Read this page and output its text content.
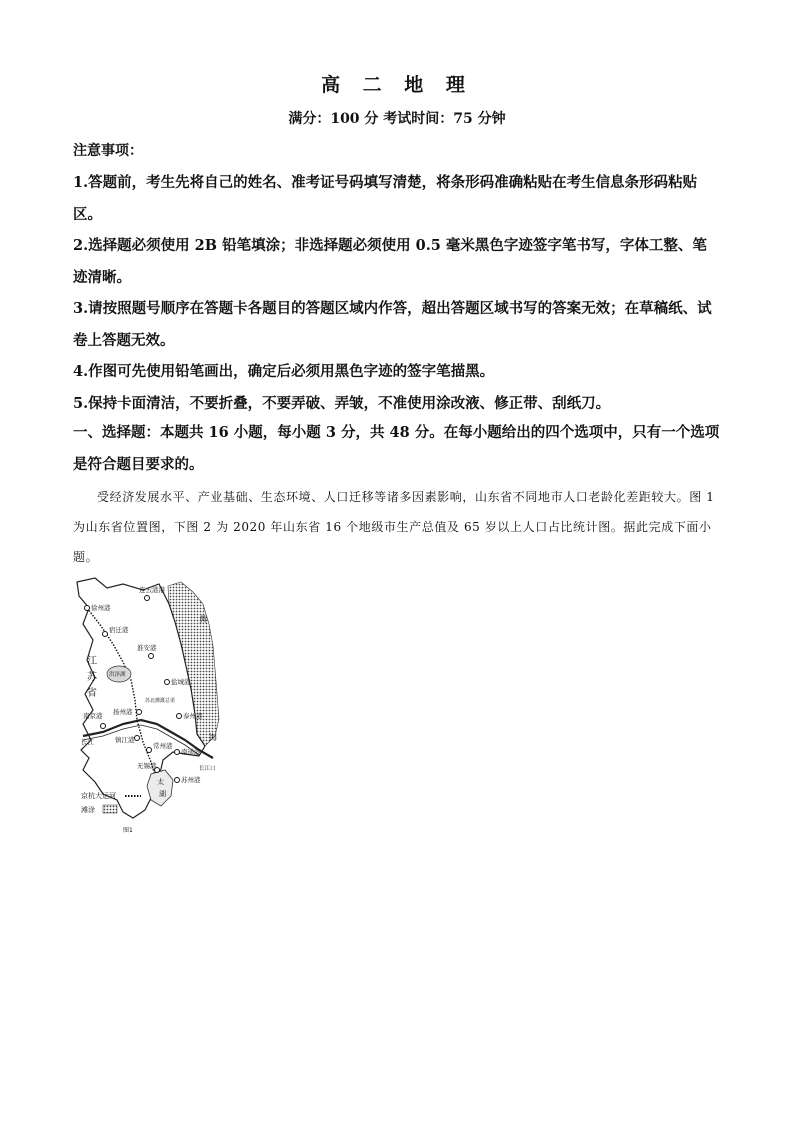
高 二 地 理
满分：100 分 考试时间：75 分钟
注意事项：

1.答题前，考生先将自己的姓名、准考证号码填写清楚，将条形码准确粘贴在考生信息条形码粘贴区。

2.选择题必须使用 2B 铅笔填涂；非选择题必须使用 0.5 毫米黑色字迹签字笔书写，字体工整、笔迹清晰。

3.请按照题号顺序在答题卡各题目的答题区域内作答，超出答题区域书写的答案无效；在草稿纸、试卷上答题无效。

4.作图可先使用铅笔画出，确定后必须用黑色字迹的签字笔描黑。

5.保持卡面清洁，不要折叠，不要弄破、弄皱，不准使用涂改液、修正带、刮纸刀。

一、选择题：本题共 16 小题，每小题 3 分，共 48 分。在每小题给出的四个选项中，只有一个选项是符合题目要求的。
受经济发展水平、产业基础、生态环境、人口迁移等诸多因素影响，山东省不同地市人口老龄化差距较大。图 1 为山东省位置图，下图 2 为 2020 年山东省 16 个地级市生产总值及 65 岁以上人口占比统计图。据此完成下面小题。
徐州港
连云港港
宿迁港
淮安港
盐城港
泰州港
扬州港
南京港
镇江港
南通港
无锡港
苏州港
常州港
洪泽湖
太
湖
长江
长江口
苏北灌溉总渠
黄
海
江
苏
省
京杭大运河
滩涂
图1
